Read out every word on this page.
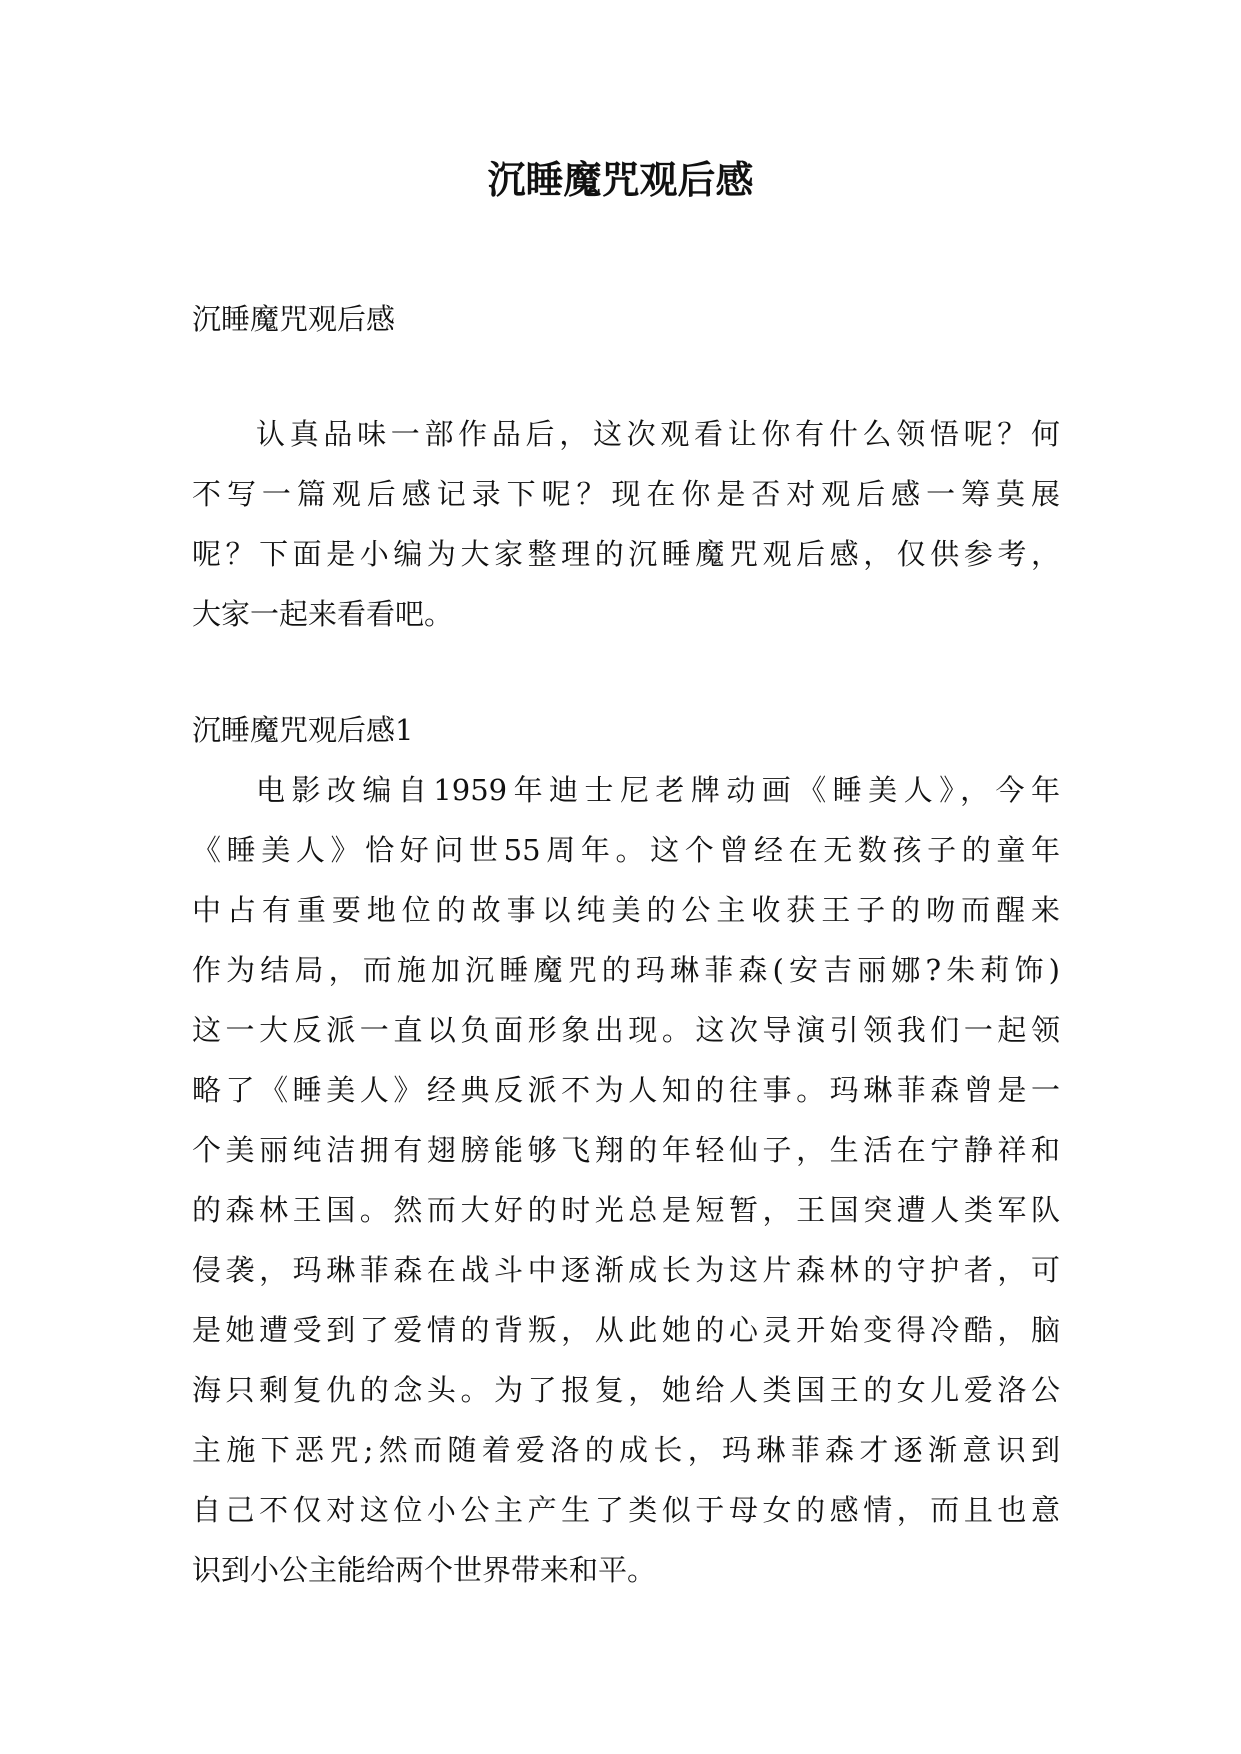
沉睡魔咒观后感
沉睡魔咒观后感
认真品味一部作品后，这次观看让你有什么领悟呢？何
不写一篇观后感记录下呢？现在你是否对观后感一筹莫展
呢？下面是小编为大家整理的沉睡魔咒观后感，仅供参考，
大家一起来看看吧。
沉睡魔咒观后感1
电影改编自1959年迪士尼老牌动画《睡美人》，今年
《睡美人》恰好问世55周年。这个曾经在无数孩子的童年
中占有重要地位的故事以纯美的公主收获王子的吻而醒来
作为结局，而施加沉睡魔咒的玛琳菲森(安吉丽娜?朱莉饰)
这一大反派一直以负面形象出现。这次导演引领我们一起领
略了《睡美人》经典反派不为人知的往事。玛琳菲森曾是一
个美丽纯洁拥有翅膀能够飞翔的年轻仙子，生活在宁静祥和
的森林王国。然而大好的时光总是短暂，王国突遭人类军队
侵袭，玛琳菲森在战斗中逐渐成长为这片森林的守护者，可
是她遭受到了爱情的背叛，从此她的心灵开始变得冷酷，脑
海只剩复仇的念头。为了报复，她给人类国王的女儿爱洛公
主施下恶咒;然而随着爱洛的成长，玛琳菲森才逐渐意识到
自己不仅对这位小公主产生了类似于母女的感情，而且也意
识到小公主能给两个世界带来和平。
